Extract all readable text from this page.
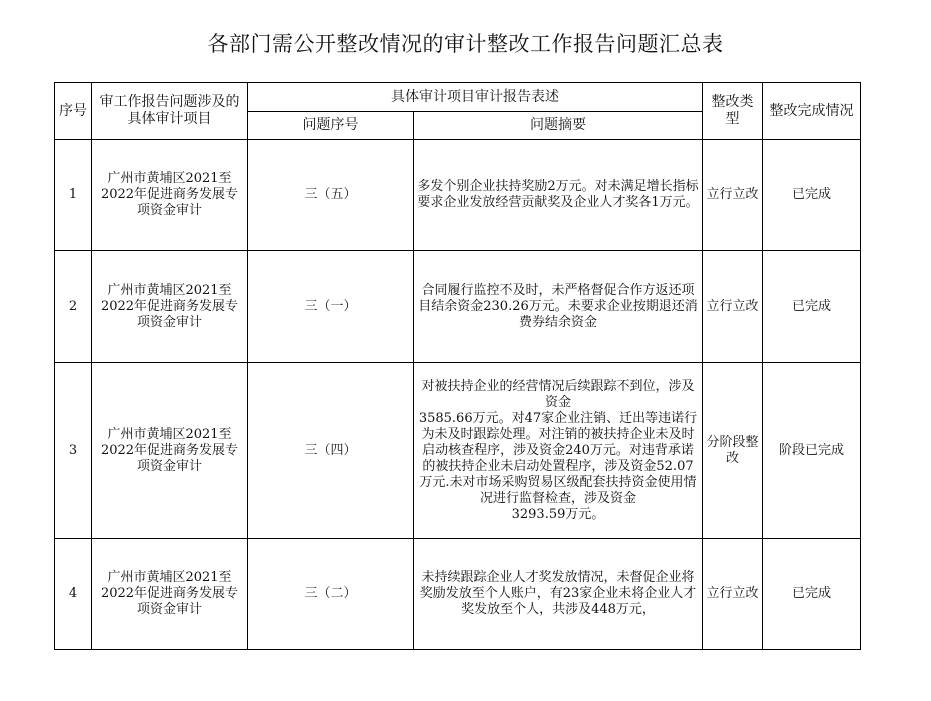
各部门需公开整改情况的审计整改工作报告问题汇总表
序号	审工作报告问题涉及的具体审计项目	具体审计项目审计报告表述		整改类型	整改完成情况
		问题序号	问题摘要		
1	广州市黄埔区2021至2022年促进商务发展专项资金审计	三（五）	多发个别企业扶持奖励2万元。对未满足增长指标要求企业发放经营贡献奖及企业人才奖各1万元。	立行立改	已完成
2	广州市黄埔区2021至2022年促进商务发展专项资金审计	三（一）	合同履行监控不及时，未严格督促合作方返还项目结余资金230.26万元。未要求企业按期退还消费券结余资金	立行立改	已完成
3	广州市黄埔区2021至2022年促进商务发展专项资金审计	三（四）	对被扶持企业的经营情况后续跟踪不到位，涉及资金
3585.66万元。对47家企业注销、迁出等违诺行为未及时跟踪处理。对注销的被扶持企业未及时启动核查程序，涉及资金240万元。对违背承诺的被扶持企业未启动处置程序，涉及资金52.07万元.未对市场采购贸易区级配套扶持资金使用情况进行监督检查，涉及资金
3293.59万元。	分阶段整改	阶段已完成
4	广州市黄埔区2021至2022年促进商务发展专项资金审计	三（二）	未持续跟踪企业人才奖发放情况，未督促企业将奖励发放至个人账户，有23家企业未将企业人才奖发放至个人，共涉及448万元，	立行立改	已完成
